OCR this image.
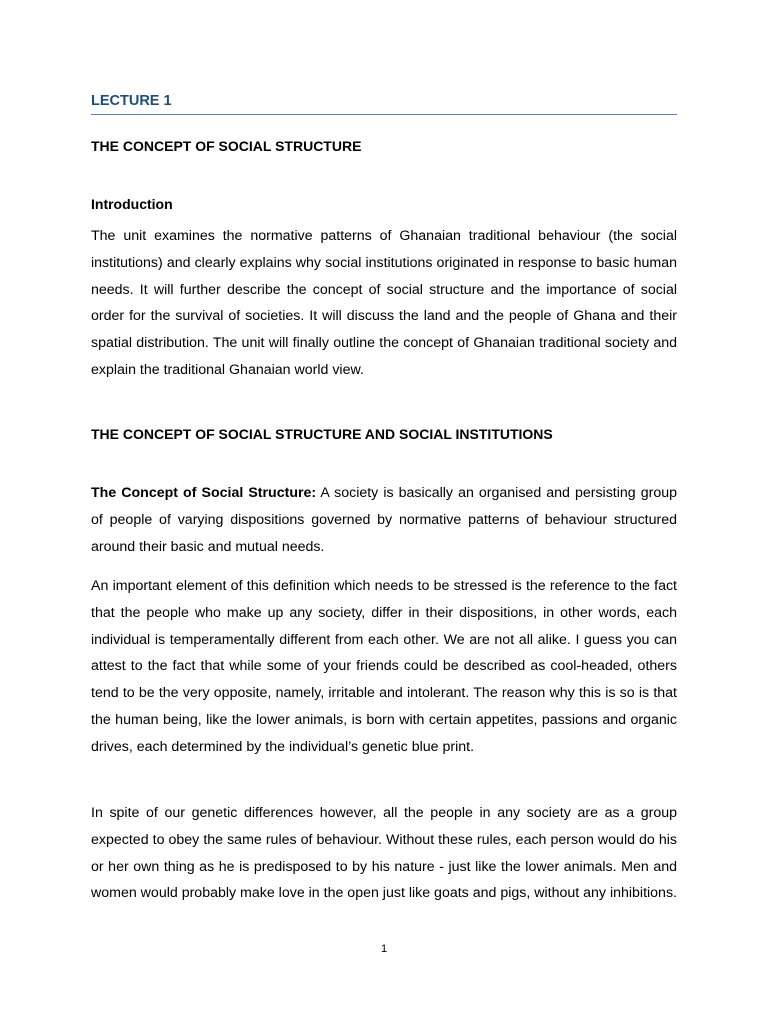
LECTURE 1
THE CONCEPT OF SOCIAL STRUCTURE
Introduction

The unit examines the normative patterns of Ghanaian traditional behaviour (the social institutions) and clearly explains why social institutions originated in response to basic human needs. It will further describe the concept of social structure and the importance of social order for the survival of societies. It will discuss the land and the people of Ghana and their spatial distribution. The unit will finally outline the concept of Ghanaian traditional society and explain the traditional Ghanaian world view.

THE CONCEPT OF SOCIAL STRUCTURE AND SOCIAL INSTITUTIONS

The Concept of Social Structure: A society is basically an organised and persisting group of people of varying dispositions governed by normative patterns of behaviour structured around their basic and mutual needs.

An important element of this definition which needs to be stressed is the reference to the fact that the people who make up any society, differ in their dispositions, in other words, each individual is temperamentally different from each other. We are not all alike. I guess you can attest to the fact that while some of your friends could be described as cool-headed, others tend to be the very opposite, namely, irritable and intolerant. The reason why this is so is that the human being, like the lower animals, is born with certain appetites, passions and organic drives, each determined by the individual’s genetic blue print.

In spite of our genetic differences however, all the people in any society are as a group expected to obey the same rules of behaviour. Without these rules, each person would do his or her own thing as he is predisposed to by his nature - just like the lower animals. Men and women would probably make love in the open just like goats and pigs, without any inhibitions.

1
